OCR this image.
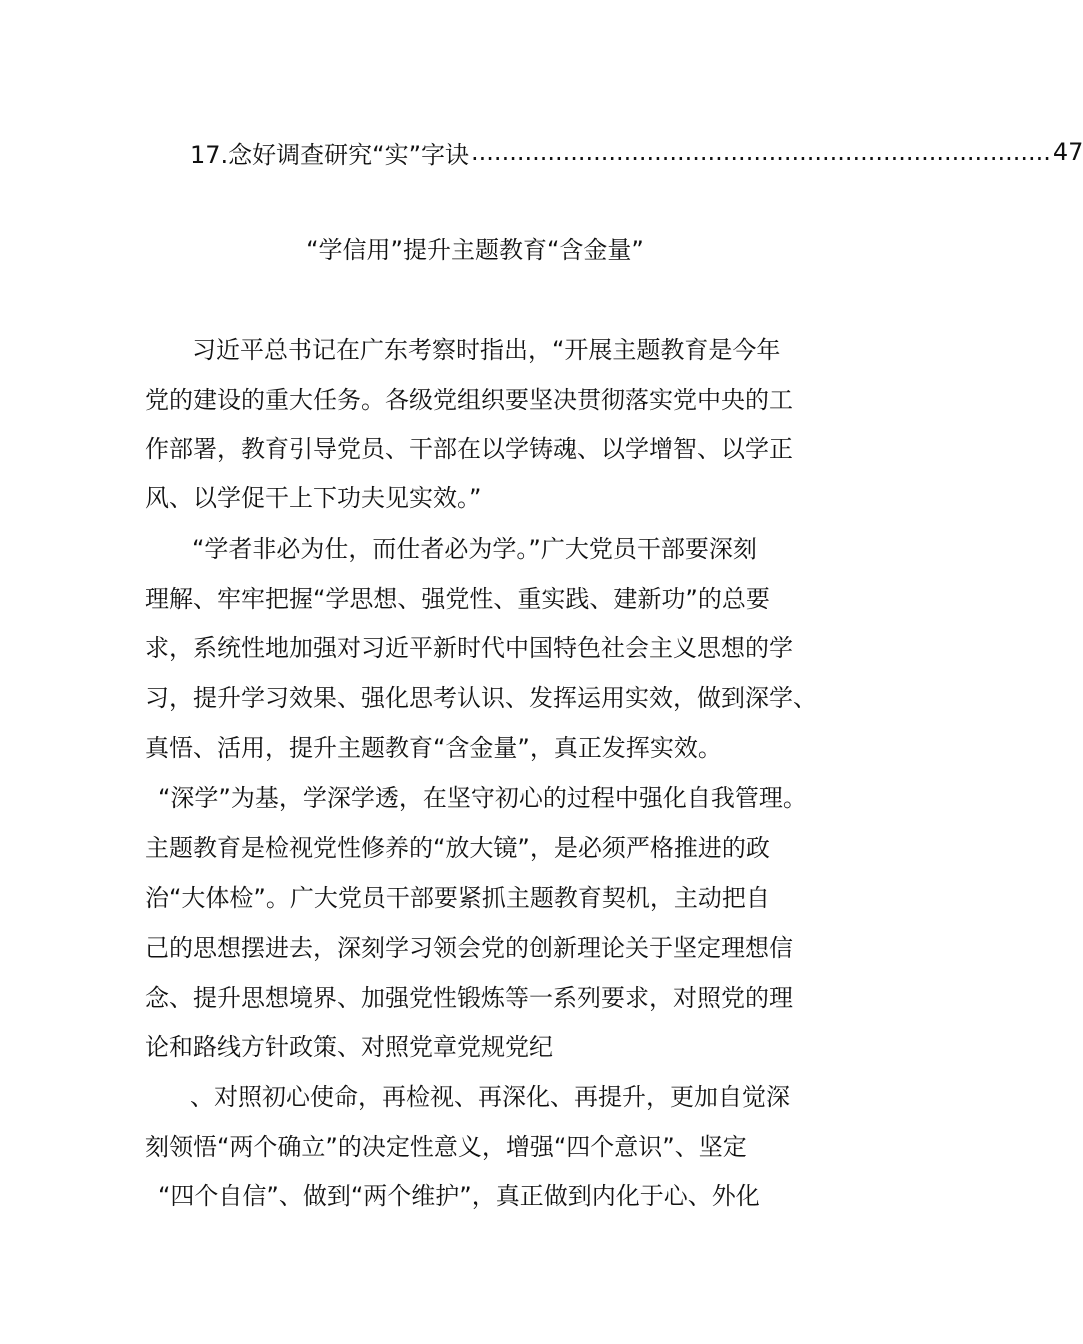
17.念好调查研究“实”字诀 ............................................................................ 47
“学信用”提升主题教育“含金量”
习近平总书记在广东考察时指出，“开展主题教育是今年
党的建设的重大任务。各级党组织要坚决贯彻落实党中央的工
作部署，教育引导党员、干部在以学铸魂、以学增智、以学正
风、以学促干上下功夫见实效。”
“学者非必为仕，而仕者必为学。”广大党员干部要深刻
理解、牢牢把握“学思想、强党性、重实践、建新功”的总要
求，系统性地加强对习近平新时代中国特色社会主义思想的学
习，提升学习效果、强化思考认识、发挥运用实效，做到深学、
真悟、活用，提升主题教育“含金量”，真正发挥实效。
“深学”为基，学深学透，在坚守初心的过程中强化自我管理。
主题教育是检视党性修养的“放大镜”，是必须严格推进的政
治“大体检”。广大党员干部要紧抓主题教育契机，主动把自
己的思想摆进去，深刻学习领会党的创新理论关于坚定理想信
念、提升思想境界、加强党性锻炼等一系列要求，对照党的理
论和路线方针政策、对照党章党规党纪
、对照初心使命，再检视、再深化、再提升，更加自觉深
刻领悟“两个确立”的决定性意义，增强“四个意识”、坚定
“四个自信”、做到“两个维护”，真正做到内化于心、外化
